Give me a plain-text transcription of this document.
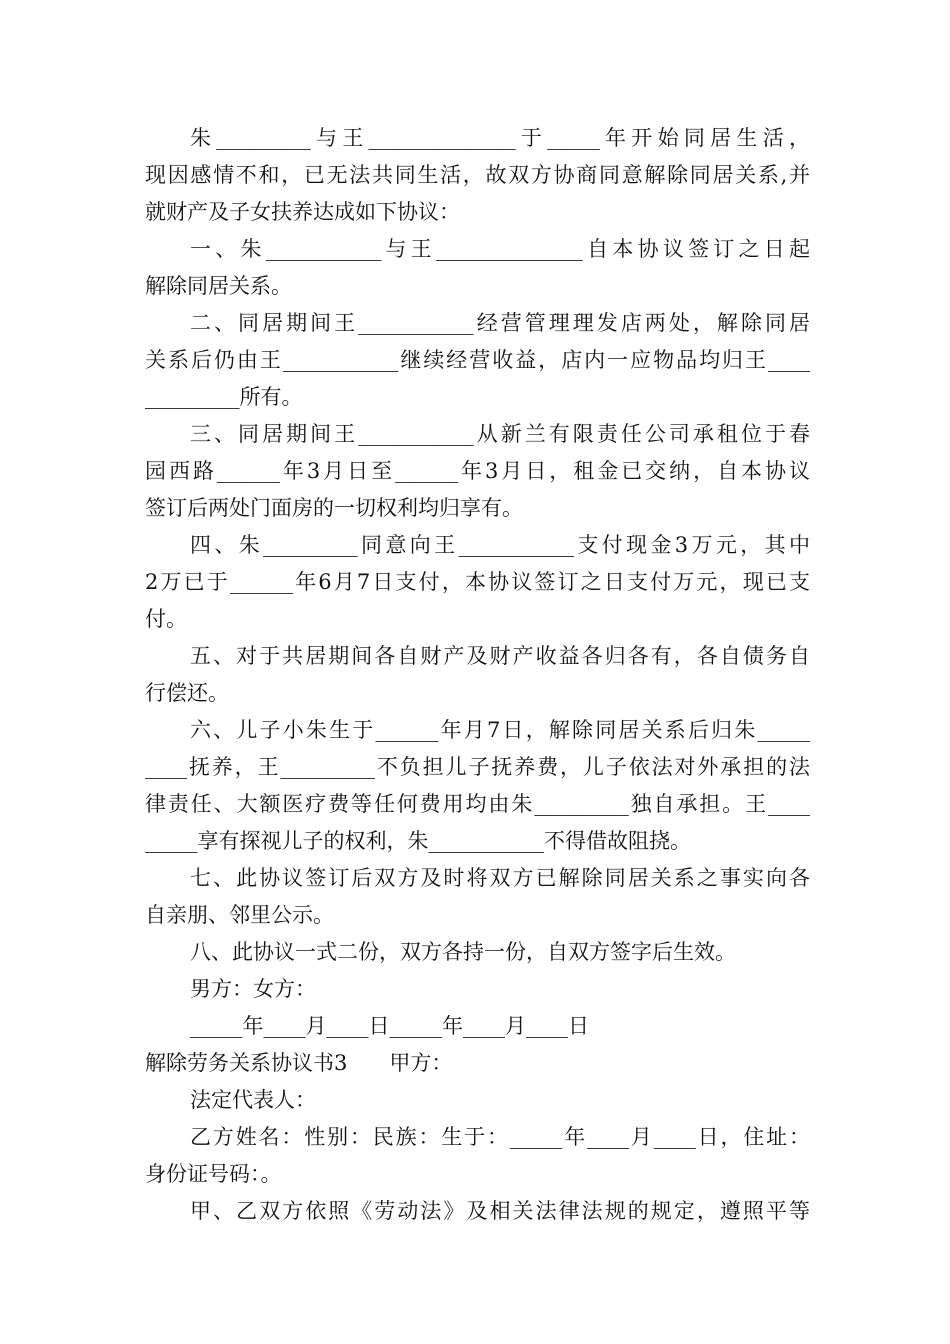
朱_________与王______________于_____年开始同居生活，
现因感情不和，已无法共同生活，故双方协商同意解除同居关系,并
就财产及子女扶养达成如下协议：
一、朱___________与王______________自本协议签订之日起
解除同居关系。
二、同居期间王___________经营管理理发店两处，解除同居
关系后仍由王___________继续经营收益，店内一应物品均归王____
_________所有。
三、同居期间王___________从新兰有限责任公司承租位于春
园西路______年3月日至______年3月日，租金已交纳，自本协议
签订后两处门面房的一切权利均归享有。
四、朱_________同意向王___________支付现金3万元，其中
2万已于______年6月7日支付，本协议签订之日支付万元，现已支
付。
五、对于共居期间各自财产及财产收益各归各有，各自债务自
行偿还。
六、儿子小朱生于______年月7日，解除同居关系后归朱_____
____抚养，王_________不负担儿子抚养费，儿子依法对外承担的法
律责任、大额医疗费等任何费用均由朱_________独自承担。王____
_____享有探视儿子的权利，朱___________不得借故阻挠。
七、此协议签订后双方及时将双方已解除同居关系之事实向各
自亲朋、邻里公示。
八、此协议一式二份，双方各持一份，自双方签字后生效。
男方：女方：
_____年____月____日_____年____月____日
解除劳务关系协议书3　　甲方：
法定代表人：
乙方姓名：性别：民族：生于：_____年____月____日，住址：
身份证号码：。
甲、乙双方依照《劳动法》及相关法律法规的规定，遵照平等
